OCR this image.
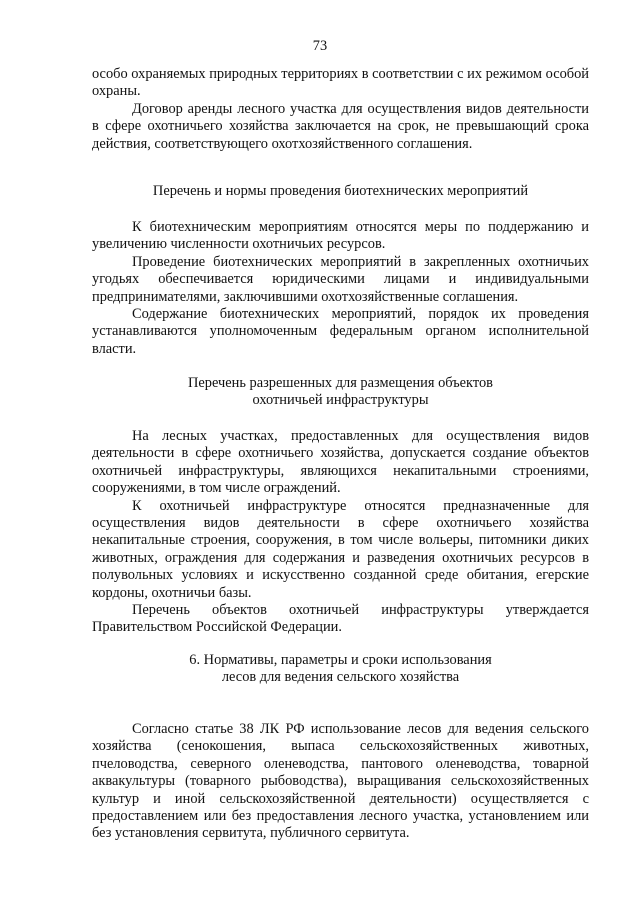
73

особо охраняемых природных территориях в соответствии с их режимом особой охраны.

Договор аренды лесного участка для осуществления видов деятельности в сфере охотничьего хозяйства заключается на срок, не превышающий срока действия, соответствующего охотхозяйственного соглашения.

Перечень и нормы проведения биотехнических мероприятий

К биотехническим мероприятиям относятся меры по поддержанию и увеличению численности охотничьих ресурсов.

Проведение биотехнических мероприятий в закрепленных охотничьих угодьях обеспечивается юридическими лицами и индивидуальными предпринимателями, заключившими охотхозяйственные соглашения.

Содержание биотехнических мероприятий, порядок их проведения устанавливаются уполномоченным федеральным органом исполнительной власти.

Перечень разрешенных для размещения объектов
охотничьей инфраструктуры

На лесных участках, предоставленных для осуществления видов деятельности в сфере охотничьего хозяйства, допускается создание объектов охотничьей инфраструктуры, являющихся некапитальными строениями, сооружениями, в том числе ограждений.

К охотничьей инфраструктуре относятся предназначенные для осуществления видов деятельности в сфере охотничьего хозяйства некапитальные строения, сооружения, в том числе вольеры, питомники диких животных, ограждения для содержания и разведения охотничьих ресурсов в полувольных условиях и искусственно созданной среде обитания, егерские кордоны, охотничьи базы.

Перечень объектов охотничьей инфраструктуры утверждается Правительством Российской Федерации.

6. Нормативы, параметры и сроки использования
лесов для ведения сельского хозяйства

Согласно статье 38 ЛК РФ использование лесов для ведения сельского хозяйства (сенокошения, выпаса сельскохозяйственных животных, пчеловодства, северного оленеводства, пантового оленеводства, товарной аквакультуры (товарного рыбоводства), выращивания сельскохозяйственных культур и иной сельскохозяйственной деятельности) осуществляется с предоставлением или без предоставления лесного участка, установлением или без установления сервитута, публичного сервитута.
